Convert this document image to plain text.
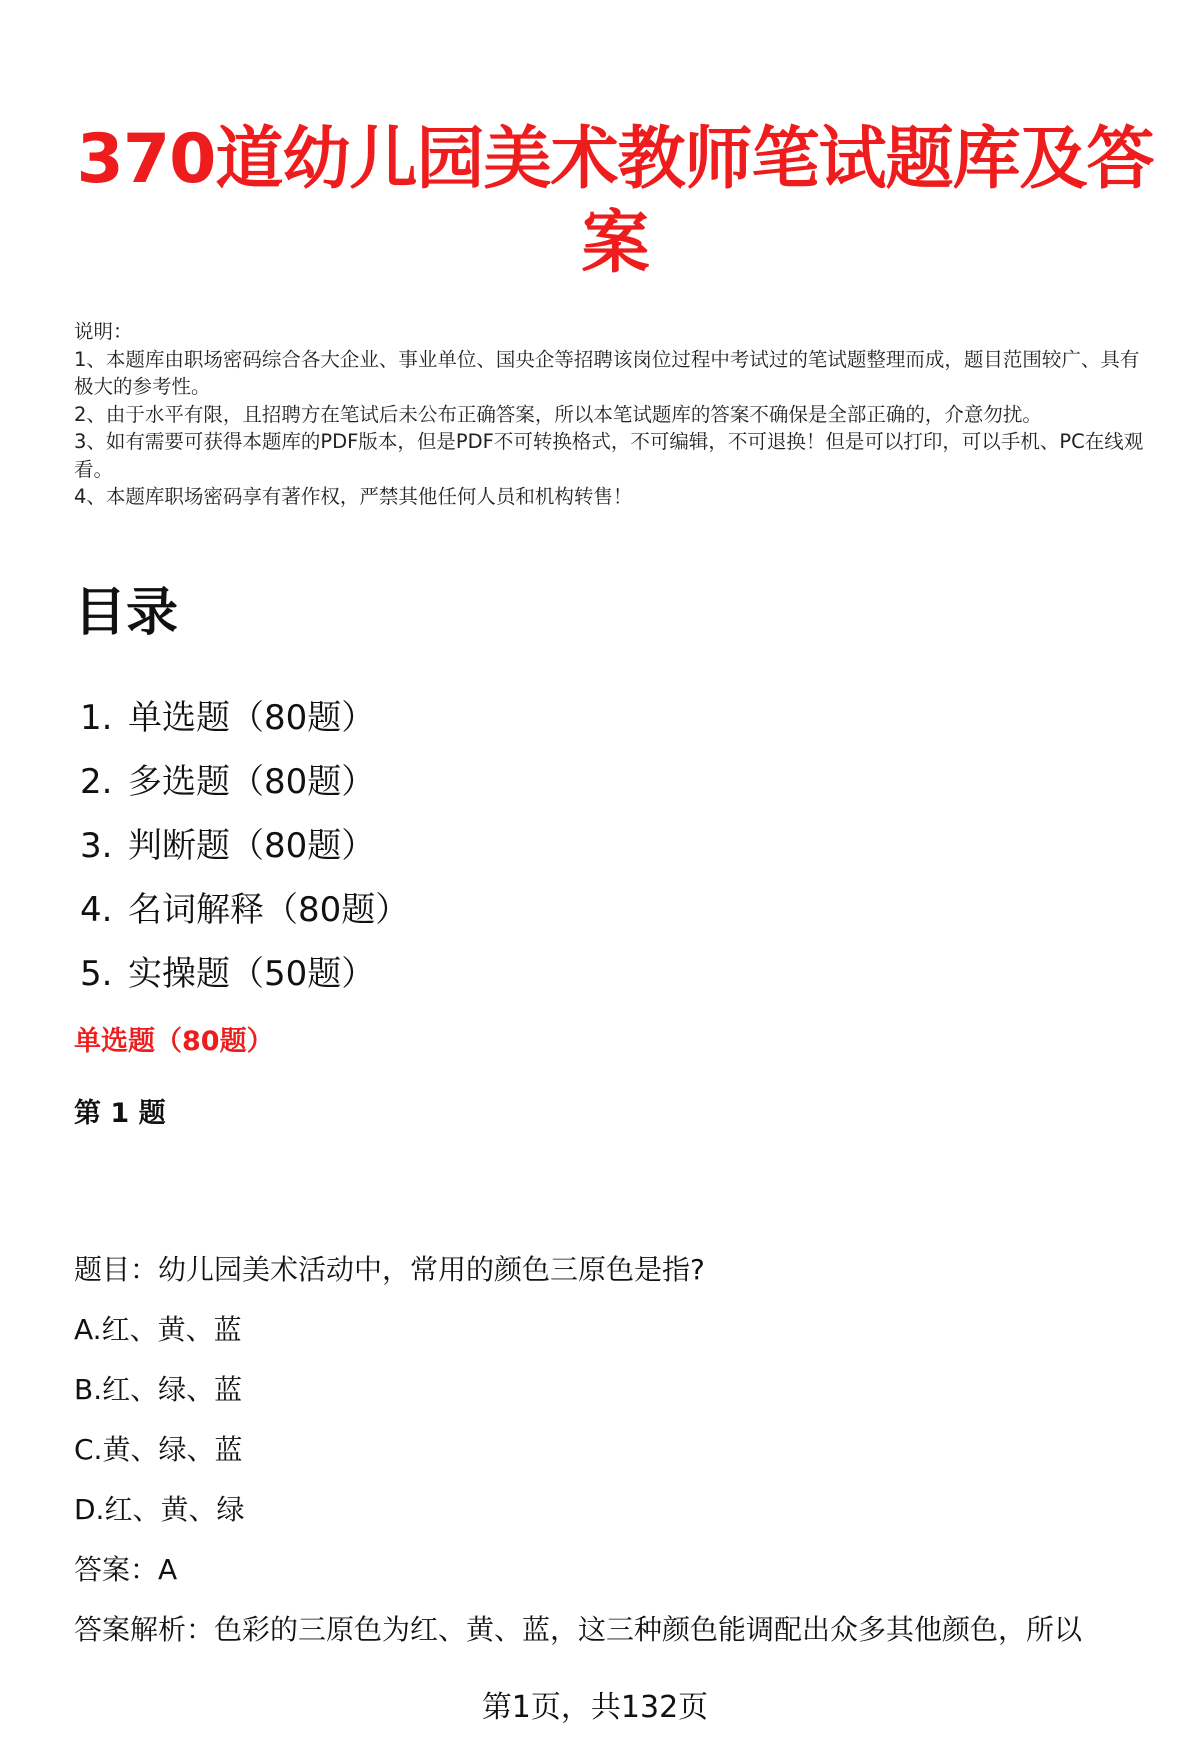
370道幼儿园美术教师笔试题库及答案

说明：

1、本题库由职场密码综合各大企业、事业单位、国央企等招聘该岗位过程中考试过的笔试题整理而成，题目范围较广、具有极大的参考性。

2、由于水平有限，且招聘方在笔试后未公布正确答案，所以本笔试题库的答案不确保是全部正确的，介意勿扰。

3、如有需要可获得本题库的PDF版本，但是PDF不可转换格式，不可编辑，不可退换！但是可以打印，可以手机、PC在线观看。

4、本题库职场密码享有著作权，严禁其他任何人员和机构转售！

目录
1. 单选题（80题）
2. 多选题（80题）
3. 判断题（80题）
4. 名词解释（80题）
5. 实操题（50题）
单选题（80题）
第 1 题

题目：幼儿园美术活动中，常用的颜色三原色是指?

A.红、黄、蓝

B.红、绿、蓝

C.黄、绿、蓝

D.红、黄、绿

答案：A

答案解析：色彩的三原色为红、黄、蓝，这三种颜色能调配出众多其他颜色，所以

第1页，共132页
